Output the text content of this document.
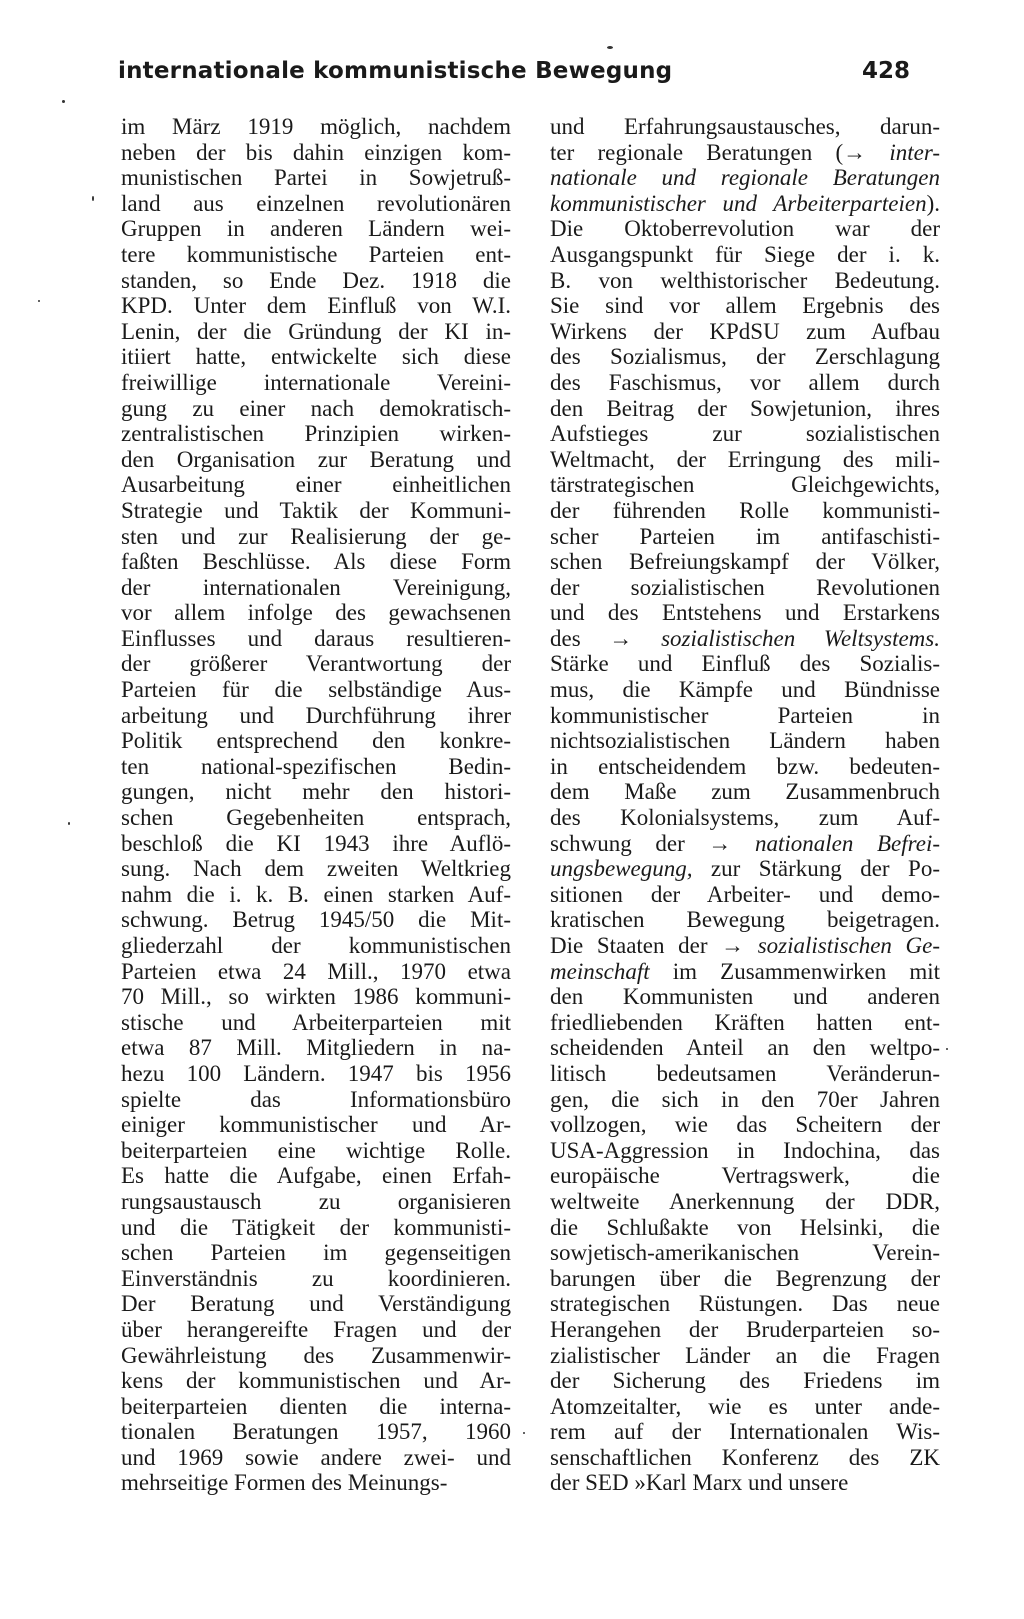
internationale kommunistische Bewegung	428
im März 1919 möglich, nachdem
neben der bis dahin einzigen kom-
munistischen Partei in Sowjetruß-
land aus einzelnen revolutionären
Gruppen in anderen Ländern wei-
tere kommunistische Parteien ent-
standen, so Ende Dez. 1918 die
KPD. Unter dem Einfluß von W.I.
Lenin, der die Gründung der KI in-
itiiert hatte, entwickelte sich diese
freiwillige internationale Vereini-
gung zu einer nach demokratisch-
zentralistischen Prinzipien wirken-
den Organisation zur Beratung und
Ausarbeitung einer einheitlichen
Strategie und Taktik der Kommuni-
sten und zur Realisierung der ge-
faßten Beschlüsse. Als diese Form
der internationalen Vereinigung,
vor allem infolge des gewachsenen
Einflusses und daraus resultieren-
der größerer Verantwortung der
Parteien für die selbständige Aus-
arbeitung und Durchführung ihrer
Politik entsprechend den konkre-
ten national-spezifischen Bedin-
gungen, nicht mehr den histori-
schen Gegebenheiten entsprach,
beschloß die KI 1943 ihre Auflö-
sung. Nach dem zweiten Weltkrieg
nahm die i. k. B. einen starken Auf-
schwung. Betrug 1945/50 die Mit-
gliederzahl der kommunistischen
Parteien etwa 24 Mill., 1970 etwa
70 Mill., so wirkten 1986 kommuni-
stische und Arbeiterparteien mit
etwa 87 Mill. Mitgliedern in na-
hezu 100 Ländern. 1947 bis 1956
spielte das Informationsbüro
einiger kommunistischer und Ar-
beiterparteien eine wichtige Rolle.
Es hatte die Aufgabe, einen Erfah-
rungsaustausch zu organisieren
und die Tätigkeit der kommunisti-
schen Parteien im gegenseitigen
Einverständnis zu koordinieren.
Der Beratung und Verständigung
über herangereifte Fragen und der
Gewährleistung des Zusammenwir-
kens der kommunistischen und Ar-
beiterparteien dienten die interna-
tionalen Beratungen 1957, 1960
und 1969 sowie andere zwei- und
mehrseitige Formen des Meinungs-
und Erfahrungsaustausches, darun-
ter regionale Beratungen (→ inter-
nationale und regionale Beratungen
kommunistischer und Arbeiterparteien).
Die Oktoberrevolution war der
Ausgangspunkt für Siege der i. k.
B. von welthistorischer Bedeutung.
Sie sind vor allem Ergebnis des
Wirkens der KPdSU zum Aufbau
des Sozialismus, der Zerschlagung
des Faschismus, vor allem durch
den Beitrag der Sowjetunion, ihres
Aufstieges zur sozialistischen
Weltmacht, der Erringung des mili-
tärstrategischen Gleichgewichts,
der führenden Rolle kommunisti-
scher Parteien im antifaschisti-
schen Befreiungskampf der Völker,
der sozialistischen Revolutionen
und des Entstehens und Erstarkens
des → sozialistischen Weltsystems.
Stärke und Einfluß des Sozialis-
mus, die Kämpfe und Bündnisse
kommunistischer Parteien in
nichtsozialistischen Ländern haben
in entscheidendem bzw. bedeuten-
dem Maße zum Zusammenbruch
des Kolonialsystems, zum Auf-
schwung der → nationalen Befrei-
ungsbewegung, zur Stärkung der Po-
sitionen der Arbeiter- und demo-
kratischen Bewegung beigetragen.
Die Staaten der → sozialistischen Ge-
meinschaft im Zusammenwirken mit
den Kommunisten und anderen
friedliebenden Kräften hatten ent-
scheidenden Anteil an den weltpo-
litisch bedeutsamen Veränderun-
gen, die sich in den 70er Jahren
vollzogen, wie das Scheitern der
USA-Aggression in Indochina, das
europäische Vertragswerk, die
weltweite Anerkennung der DDR,
die Schlußakte von Helsinki, die
sowjetisch-amerikanischen Verein-
barungen über die Begrenzung der
strategischen Rüstungen. Das neue
Herangehen der Bruderparteien so-
zialistischer Länder an die Fragen
der Sicherung des Friedens im
Atomzeitalter, wie es unter ande-
rem auf der Internationalen Wis-
senschaftlichen Konferenz des ZK
der SED »Karl Marx und unsere
